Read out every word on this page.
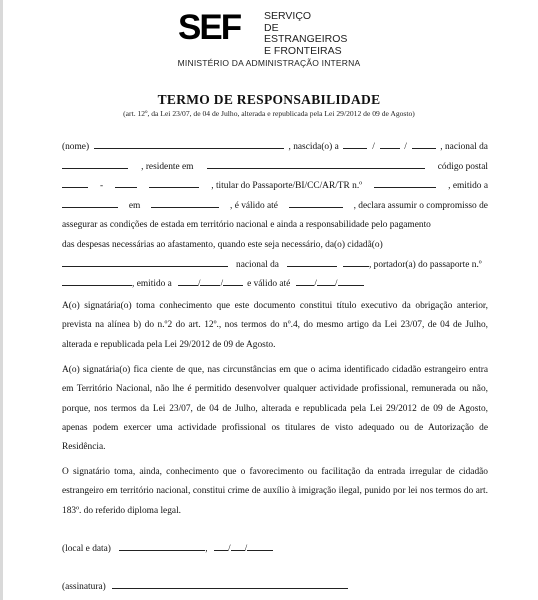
SEF SERVIÇO
DE ESTRANGEIROS
E FRONTEIRAS
MINISTÉRIO DA ADMINISTRAÇÃO INTERNA
TERMO DE RESPONSABILIDADE
(art. 12º, da Lei 23/07, de 04 de Julho, alterada e republicada pela Lei 29/2012 de 09 de Agosto)
(nome)	, nascida(o) a	/	/	, nacional da
, residente em	código postal
-	, titular do Passaporte/BI/CC/AR/TR n.º	, emitido a
em	, é válido até	, declara assumir o compromisso de
assegurar as condições de estada em território nacional e ainda a responsabilidade pelo pagamento
das despesas necessárias ao afastamento, quando este seja necessário, da(o) cidadã(o)
nacional da	, portador(a) do passaporte n.º
, emitido a	/ /	e válido até	/ /
A(o) signatária(o) toma conhecimento que este documento constitui título executivo da obrigação anterior, prevista na alínea b) do n.º2 do art. 12º., nos termos do nº.4, do mesmo artigo da Lei 23/07, de 04 de Julho, alterada e republicada pela Lei 29/2012 de 09 de Agosto.
A(o) signatária(o) fica ciente de que, nas circunstâncias em que o acima identificado cidadão estrangeiro entra em Território Nacional, não lhe é permitido desenvolver qualquer actividade profissional, remunerada ou não, porque, nos termos da Lei 23/07, de 04 de Julho, alterada e republicada pela Lei 29/2012 de 09 de Agosto, apenas podem exercer uma actividade profissional os titulares de visto adequado ou de Autorização de Residência.
O signatário toma, ainda, conhecimento que o favorecimento ou facilitação da entrada irregular de cidadão estrangeiro em território nacional, constitui crime de auxílio à imigração ilegal, punido por lei nos termos do art. 183º. do referido diploma legal.
(local e data)	, / /
(assinatura)
